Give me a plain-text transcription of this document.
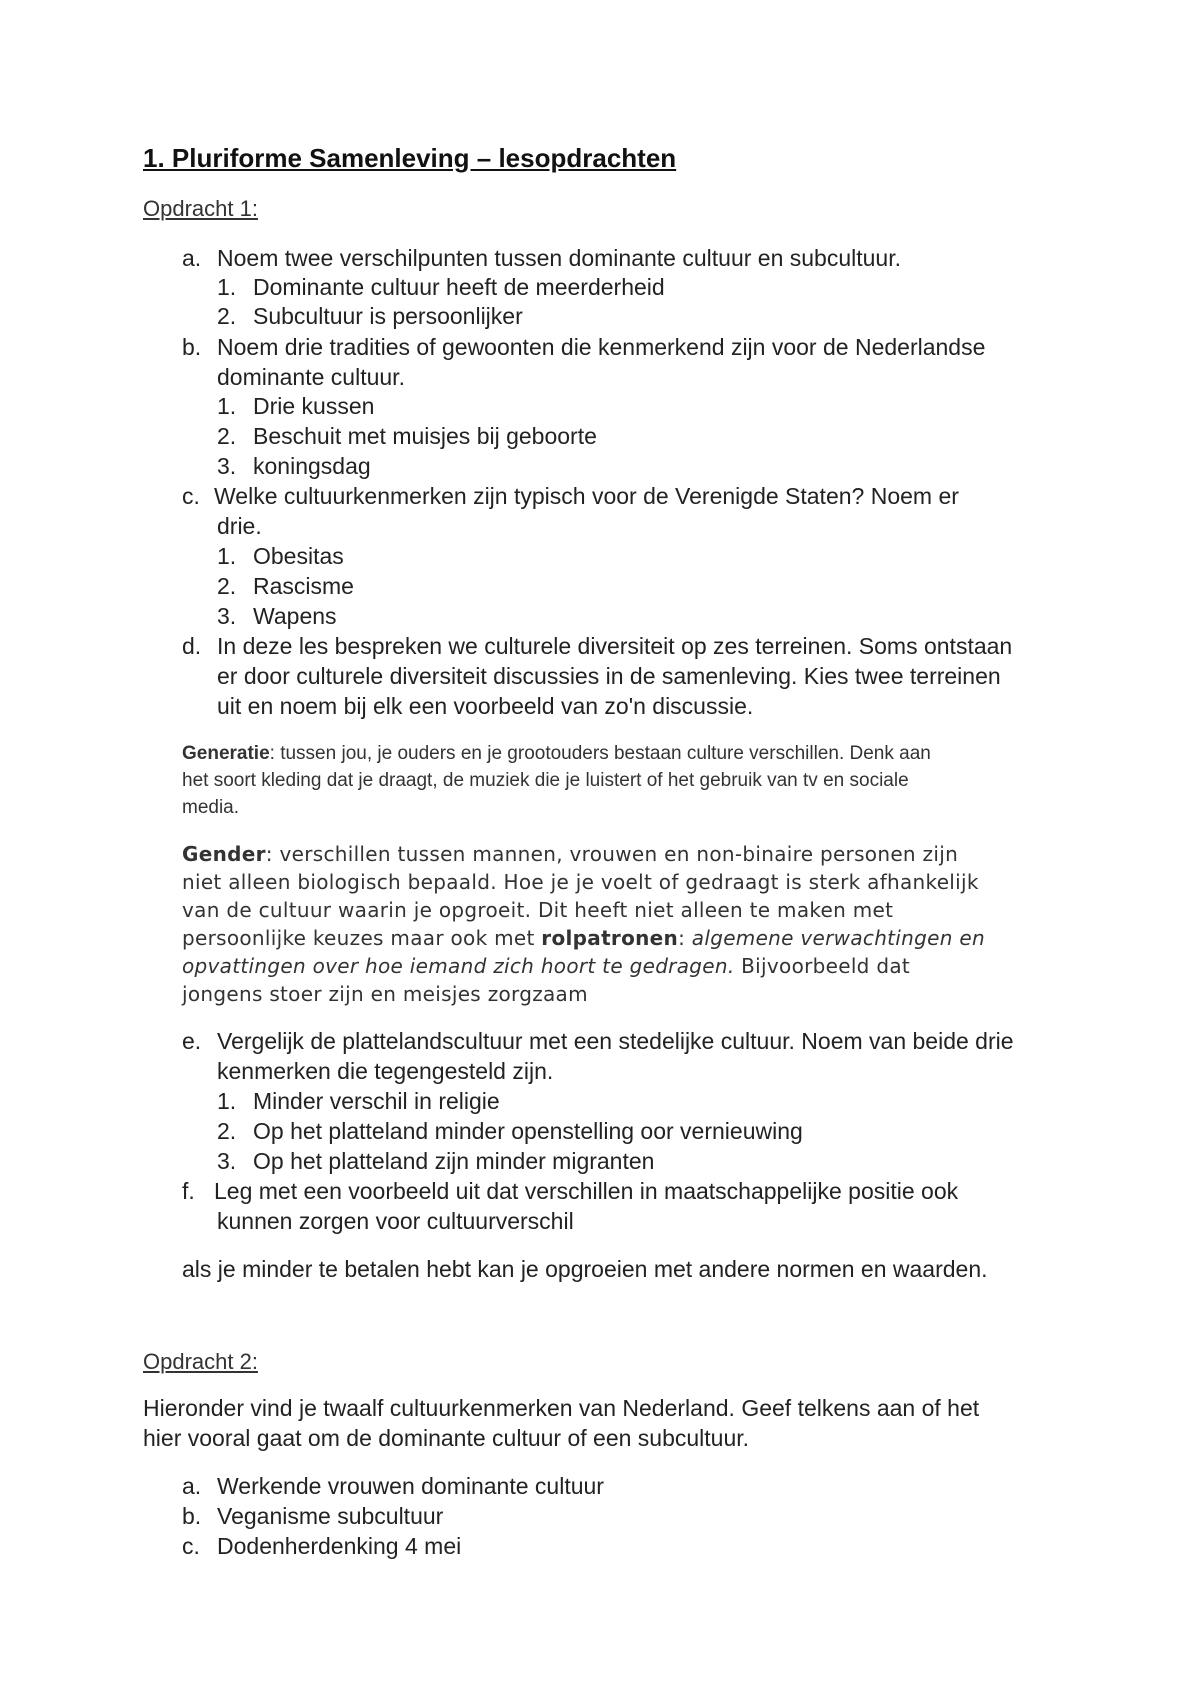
1. Pluriforme Samenleving – lesopdrachten
Opdracht 1:
a. Noem twee verschilpunten tussen dominante cultuur en subcultuur.
1. Dominante cultuur heeft de meerderheid
2. Subcultuur is persoonlijker
b. Noem drie tradities of gewoonten die kenmerkend zijn voor de Nederlandse
dominante cultuur.
1. Drie kussen
2. Beschuit met muisjes bij geboorte
3. koningsdag
c. Welke cultuurkenmerken zijn typisch voor de Verenigde Staten? Noem er
drie.
1. Obesitas
2. Rascisme
3. Wapens
d. In deze les bespreken we culturele diversiteit op zes terreinen. Soms ontstaan
er door culturele diversiteit discussies in de samenleving. Kies twee terreinen
uit en noem bij elk een voorbeeld van zo'n discussie.
Generatie: tussen jou, je ouders en je grootouders bestaan culture verschillen. Denk aan
het soort kleding dat je draagt, de muziek die je luistert of het gebruik van tv en sociale
media.
Gender: verschillen tussen mannen, vrouwen en non-binaire personen zijn
niet alleen biologisch bepaald. Hoe je je voelt of gedraagt is sterk afhankelijk
van de cultuur waarin je opgroeit. Dit heeft niet alleen te maken met
persoonlijke keuzes maar ook met rolpatronen: algemene verwachtingen en
opvattingen over hoe iemand zich hoort te gedragen. Bijvoorbeeld dat
jongens stoer zijn en meisjes zorgzaam
e. Vergelijk de plattelandscultuur met een stedelijke cultuur. Noem van beide drie
kenmerken die tegengesteld zijn.
1. Minder verschil in religie
2. Op het platteland minder openstelling oor vernieuwing
3. Op het platteland zijn minder migranten
f. Leg met een voorbeeld uit dat verschillen in maatschappelijke positie ook
kunnen zorgen voor cultuurverschil
als je minder te betalen hebt kan je opgroeien met andere normen en waarden.
Opdracht 2:
Hieronder vind je twaalf cultuurkenmerken van Nederland. Geef telkens aan of het
hier vooral gaat om de dominante cultuur of een subcultuur.
a. Werkende vrouwen dominante cultuur
b. Veganisme subcultuur
c. Dodenherdenking 4 mei
